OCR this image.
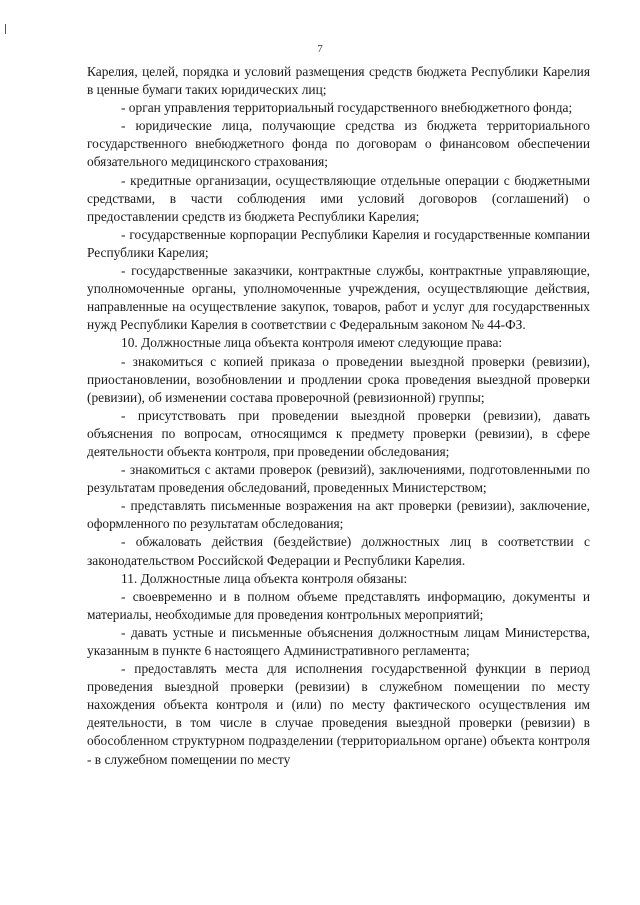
7

Карелия, целей, порядка и условий размещения средств бюджета Республики Карелия в ценные бумаги таких юридических лиц;

- орган управления территориальный государственного внебюджетного фонда;

- юридические лица, получающие средства из бюджета территориального государственного внебюджетного фонда по договорам о финансовом обеспечении обязательного медицинского страхования;

- кредитные организации, осуществляющие отдельные операции с бюджетными средствами, в части соблюдения ими условий договоров (соглашений) о предоставлении средств из бюджета Республики Карелия;

- государственные корпорации Республики Карелия и государственные компании Республики Карелия;

- государственные заказчики, контрактные службы, контрактные управляющие, уполномоченные органы, уполномоченные учреждения, осуществляющие действия, направленные на осуществление закупок, товаров, работ и услуг для государственных нужд Республики Карелия в соответствии с Федеральным законом № 44-ФЗ.

10. Должностные лица объекта контроля имеют следующие права:

- знакомиться с копией приказа о проведении выездной проверки (ревизии), приостановлении, возобновлении и продлении срока проведения выездной проверки (ревизии), об изменении состава проверочной (ревизионной) группы;

- присутствовать при проведении выездной проверки (ревизии), давать объяснения по вопросам, относящимся к предмету проверки (ревизии), в сфере деятельности объекта контроля, при проведении обследования;

- знакомиться с актами проверок (ревизий), заключениями, подготовленными по результатам проведения обследований, проведенных Министерством;

- представлять письменные возражения на акт проверки (ревизии), заключение, оформленного по результатам обследования;

- обжаловать действия (бездействие) должностных лиц в соответствии с законодательством Российской Федерации и Республики Карелия.

11. Должностные лица объекта контроля обязаны:

- своевременно и в полном объеме представлять информацию, документы и материалы, необходимые для проведения контрольных мероприятий;

- давать устные и письменные объяснения должностным лицам Министерства, указанным в пункте 6 настоящего Административного регламента;

- предоставлять места для исполнения государственной функции в период проведения выездной проверки (ревизии) в служебном помещении по месту нахождения объекта контроля и (или) по месту фактического осуществления им деятельности, в том числе в случае проведения выездной проверки (ревизии) в обособленном структурном подразделении (территориальном органе) объекта контроля - в служебном помещении по месту
